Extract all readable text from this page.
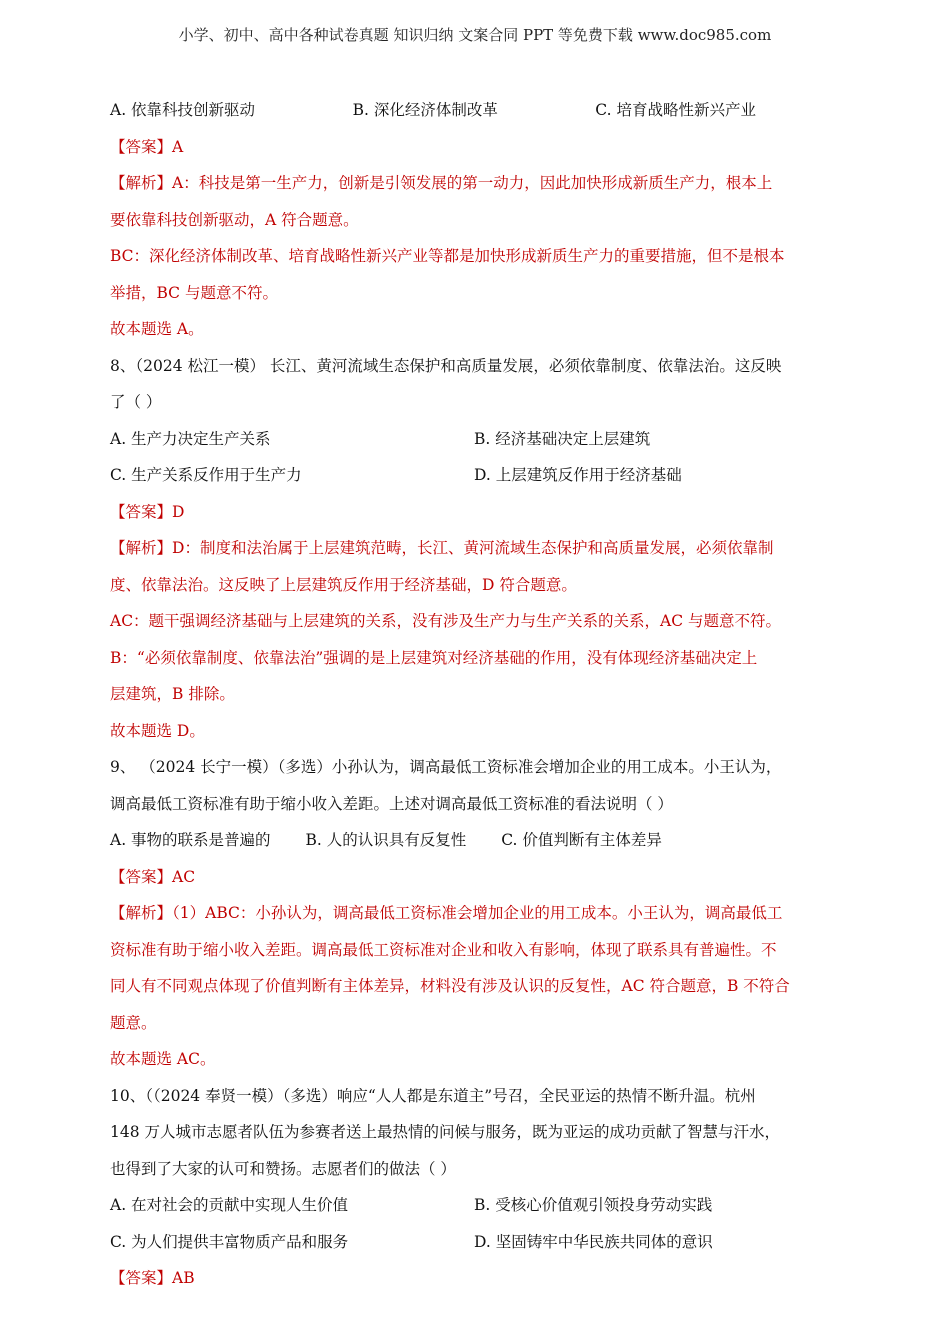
小学、初中、高中各种试卷真题 知识归纳 文案合同 PPT 等免费下载 www.doc985.com
A. 依靠科技创新驱动	B. 深化经济体制改革	C. 培育战略性新兴产业
【答案】A
【解析】A：科技是第一生产力，创新是引领发展的第一动力，因此加快形成新质生产力，根本上
要依靠科技创新驱动，A 符合题意。
BC：深化经济体制改革、培育战略性新兴产业等都是加快形成新质生产力的重要措施，但不是根本
举措，BC 与题意不符。
故本题选 A。
8、（2024 松江一模） 长江、黄河流域生态保护和高质量发展，必须依靠制度、依靠法治。这反映
了（ ）
A. 生产力决定生产关系	B. 经济基础决定上层建筑
C. 生产关系反作用于生产力	D. 上层建筑反作用于经济基础
【答案】D
【解析】D：制度和法治属于上层建筑范畴，长江、黄河流域生态保护和高质量发展，必须依靠制
度、依靠法治。这反映了上层建筑反作用于经济基础，D 符合题意。
AC：题干强调经济基础与上层建筑的关系，没有涉及生产力与生产关系的关系，AC 与题意不符。
B：“必须依靠制度、依靠法治”强调的是上层建筑对经济基础的作用，没有体现经济基础决定上
层建筑，B 排除。
故本题选 D。
9、 （2024 长宁一模）（多选）小孙认为，调高最低工资标准会增加企业的用工成本。小王认为，
调高最低工资标准有助于缩小收入差距。上述对调高最低工资标准的看法说明（ ）
A. 事物的联系是普遍的 B. 人的认识具有反复性 C. 价值判断有主体差异
【答案】AC
【解析】（1）ABC：小孙认为，调高最低工资标准会增加企业的用工成本。小王认为，调高最低工
资标准有助于缩小收入差距。调高最低工资标准对企业和收入有影响，体现了联系具有普遍性。不
同人有不同观点体现了价值判断有主体差异，材料没有涉及认识的反复性，AC 符合题意，B 不符合
题意。
故本题选 AC。
10、（（2024 奉贤一模）（多选）响应“人人都是东道主”号召，全民亚运的热情不断升温。杭州
148 万人城市志愿者队伍为参赛者送上最热情的问候与服务，既为亚运的成功贡献了智慧与汗水，
也得到了大家的认可和赞扬。志愿者们的做法（ ）
A. 在对社会的贡献中实现人生价值	B. 受核心价值观引领投身劳动实践
C. 为人们提供丰富物质产品和服务	D. 坚固铸牢中华民族共同体的意识
【答案】AB
